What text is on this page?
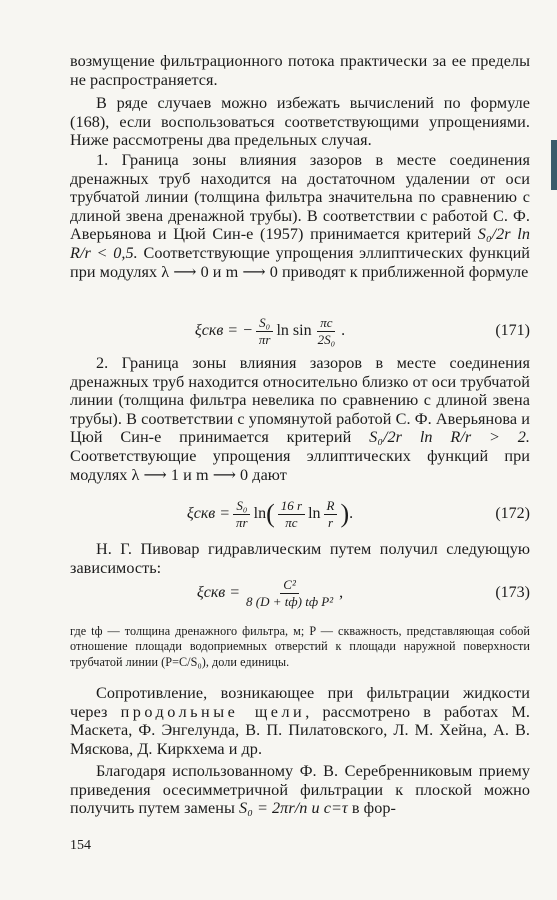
возмущение фильтрационного потока практически за ее пределы не распространяется.
В ряде случаев можно избежать вычислений по формуле (168), если воспользоваться соответствующими упрощениями. Ниже рассмотрены два предельных случая.
1. Граница зоны влияния зазоров в месте соединения дренажных труб находится на достаточном удалении от оси трубчатой линии (толщина фильтра значительна по сравнению с длиной звена дренажной трубы). В соответствии с работой С. Ф. Аверьянова и Цюй Син-е (1957) принимается критерий S₀/2r ln R/r < 0,5. Соответствующие упрощения эллиптических функций при модулях λ ⟶ 0 и m ⟶ 0 приводят к приближенной формуле
ξскв = − $\frac{\text{S₀}}{\pi r}$ $\ln \sin \frac{\pi c}{\text{2S₀}}$ .	(171)
2. Граница зоны влияния зазоров в месте соединения дренажных труб находится относительно близко от оси трубчатой линии (толщина фильтра невелика по сравнению с длиной звена трубы). В соответствии с упомянутой работой С. Ф. Аверьянова и Цюй Син-е принимается критерий S₀/2r ln R/r > 2. Соответствующие упрощения эллиптических функций при модулях λ ⟶ 1 и m ⟶ 0 дают
$\xi скв = \frac{\text{S₀}}{\pi r}$ ln ( $\frac{16 r}{\pi c}$ $\ln \frac{R}{r}$ ) .	(172)
Н. Г. Пивовар гидравлическим путем получил следующую зависимость:
$\xi скв = \frac{\text{C²}}{\text{8 (D + tф) tф P²}}$ ,	(173)
где tф — толщина дренажного фильтра, м; P — скважность, представляющая собой отношение площади водоприемных отверстий к площади наружной поверхности трубчатой линии (P=C/S₀), доли единицы.
Сопротивление, возникающее при фильтрации жидкости через продольные щели, рассмотрено в работах М. Маскета, Ф. Энгелунда, В. П. Пилатовского, Л. М. Хейна, А. В. Мяскова, Д. Киркхема и др.
Благодаря использованному Ф. В. Серебренниковым приему приведения осесимметричной фильтрации к плоской можно получить путем замены S₀ = 2πr/n и c=τ в фор-
154
